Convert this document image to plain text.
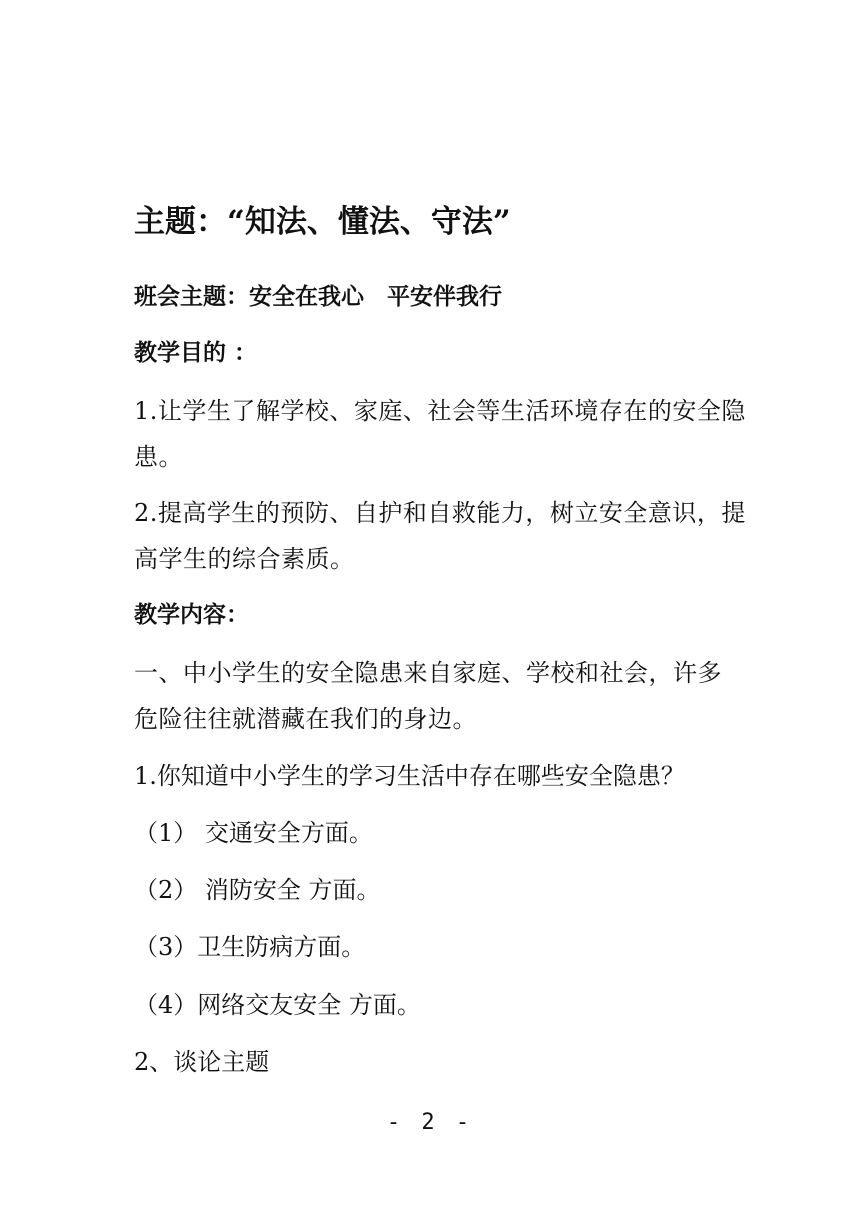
主题：“知法、懂法、守法”
班会主题：安全在我心　平安伴我行
教学目的 ：
1.让学生了解学校、家庭、社会等生活环境存在的安全隐患。
2.提高学生的预防、自护和自救能力，树立安全意识，提高学生的综合素质。
教学内容：
一、中小学生的安全隐患来自家庭、学校和社会，许多危险往往就潜藏在我们的身边。
1.你知道中小学生的学习生活中存在哪些安全隐患？
（1） 交通安全方面。
（2） 消防安全 方面。
（3）卫生防病方面。
（4）网络交友安全 方面。
2、谈论主题
- 2 -
